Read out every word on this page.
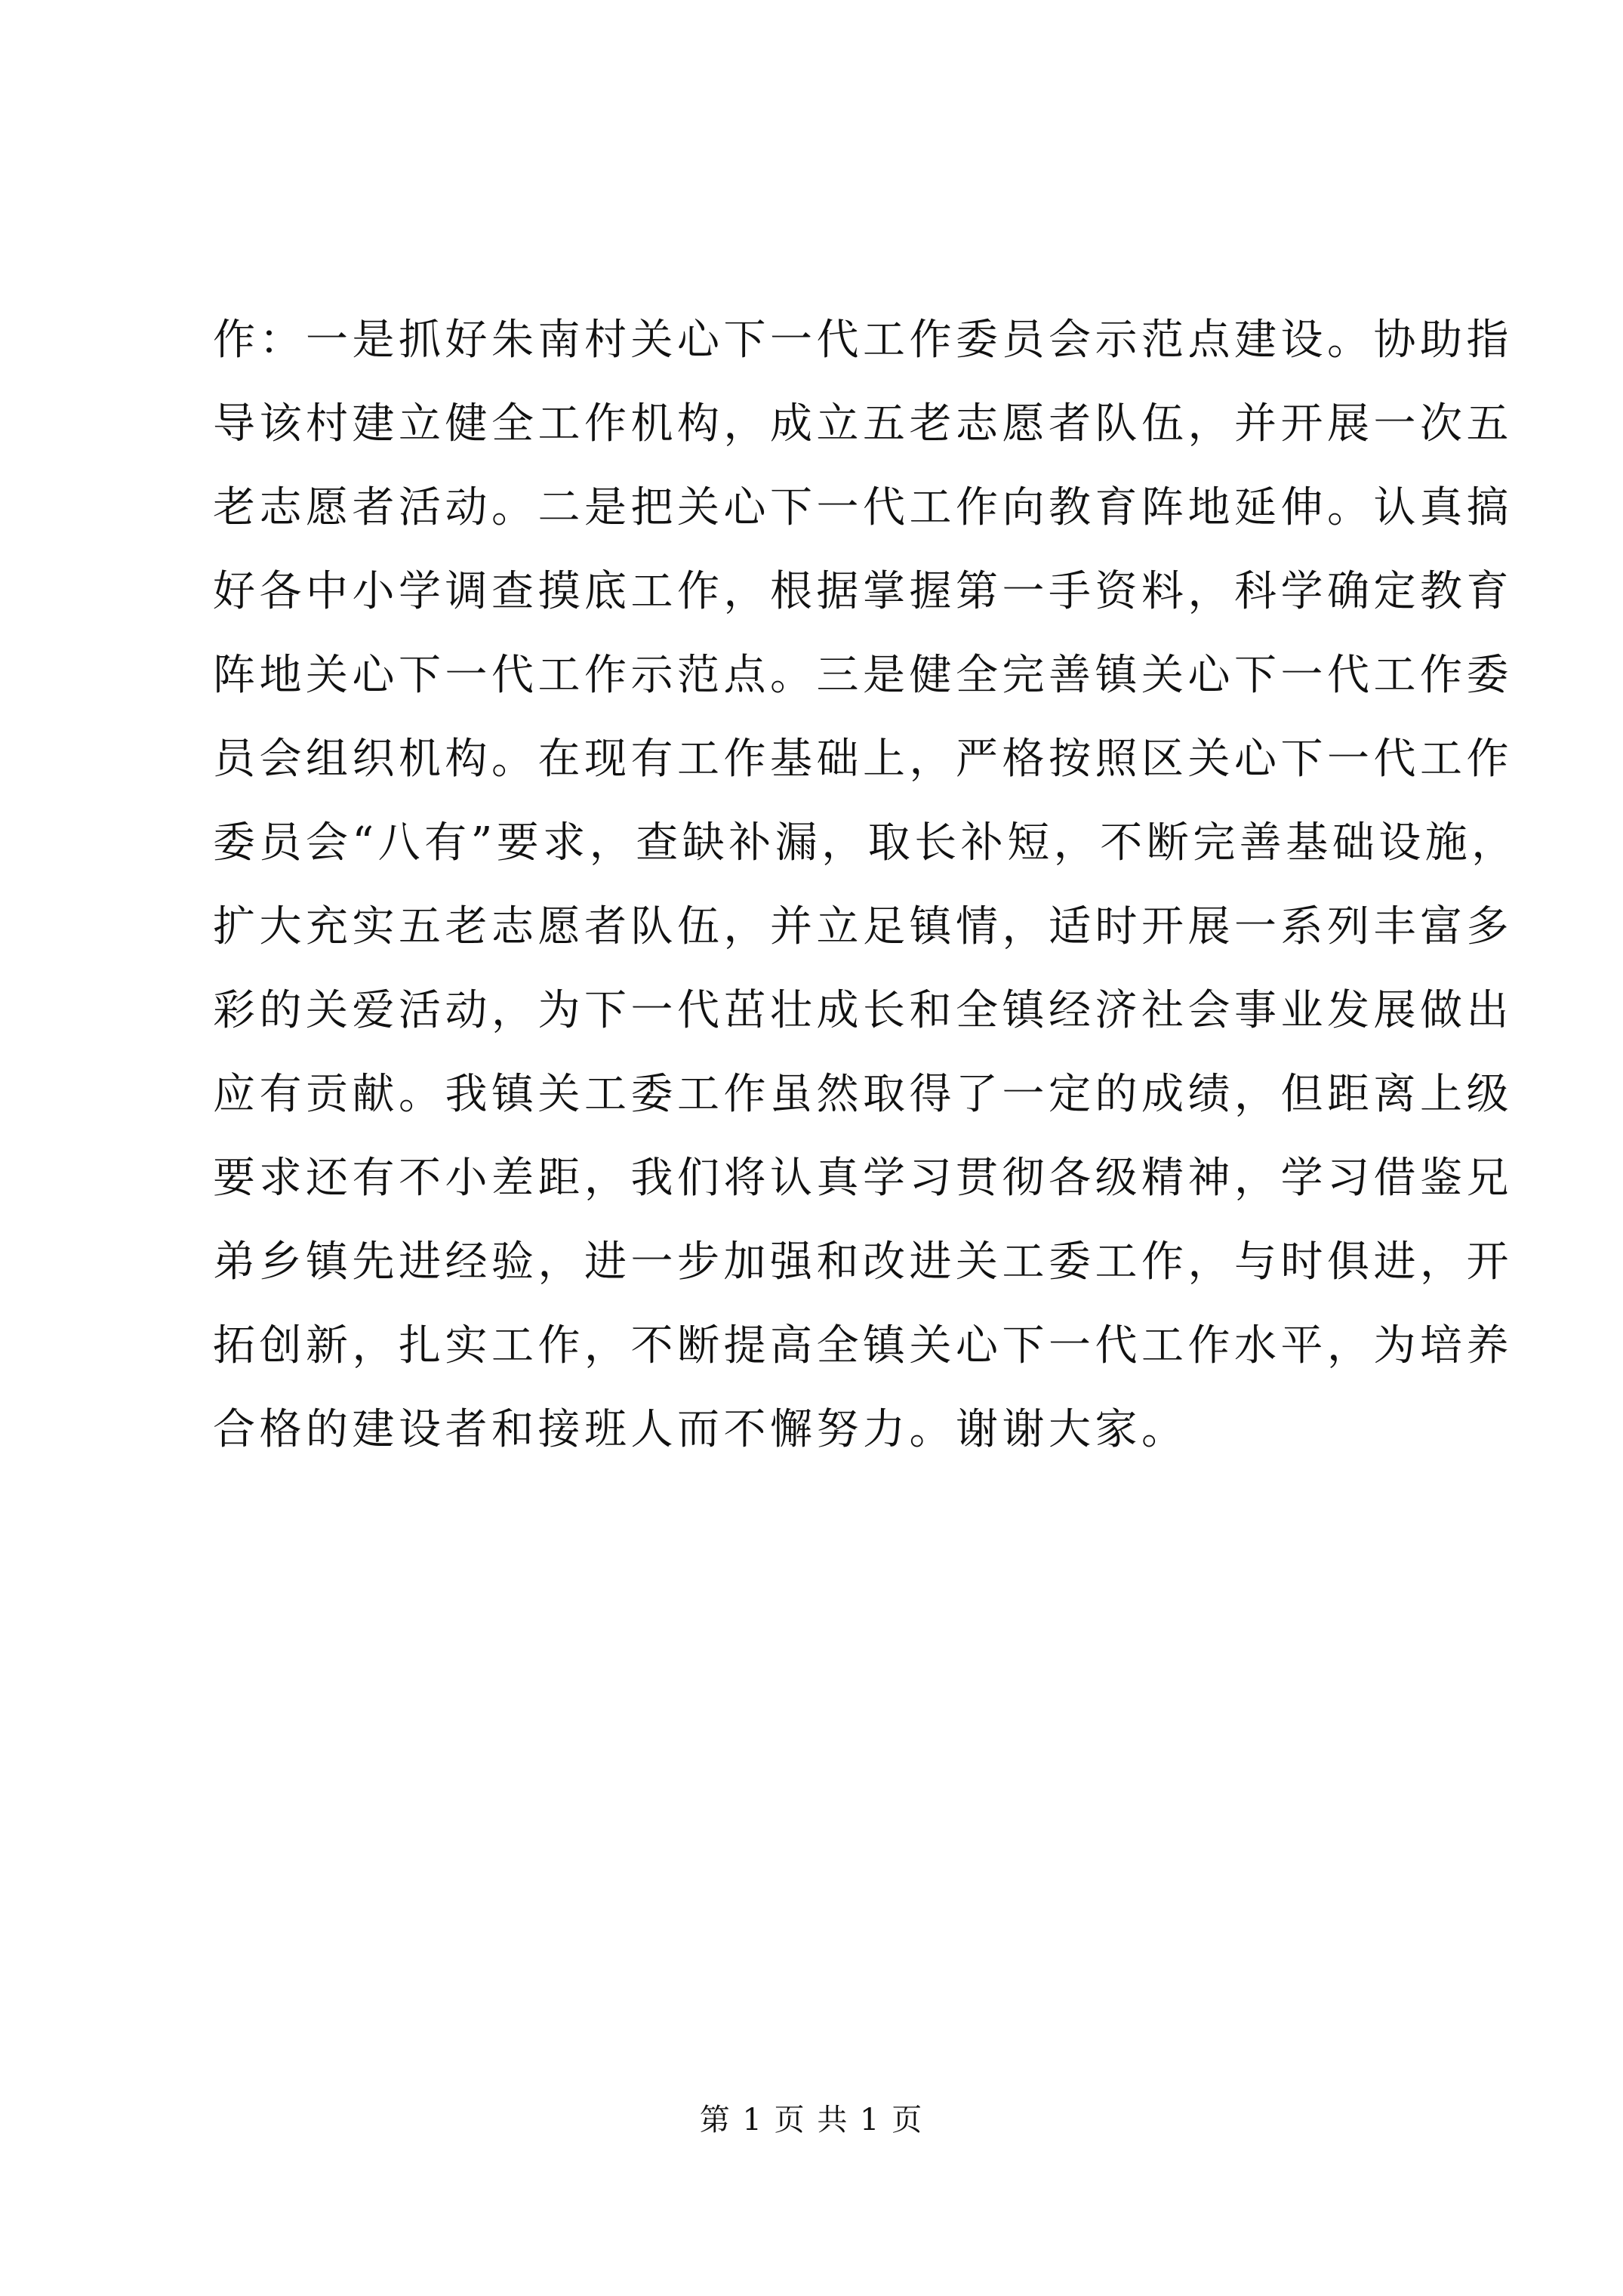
作：一是抓好朱南村关心下一代工作委员会示范点建设。协助指
导该村建立健全工作机构，成立五老志愿者队伍，并开展一次五
老志愿者活动。二是把关心下一代工作向教育阵地延伸。认真搞
好各中小学调查摸底工作，根据掌握第一手资料，科学确定教育
阵地关心下一代工作示范点。三是健全完善镇关心下一代工作委
员会组织机构。在现有工作基础上，严格按照区关心下一代工作
委员会“八有”要求，查缺补漏，取长补短，不断完善基础设施，
扩大充实五老志愿者队伍，并立足镇情，适时开展一系列丰富多
彩的关爱活动，为下一代茁壮成长和全镇经济社会事业发展做出
应有贡献。我镇关工委工作虽然取得了一定的成绩，但距离上级
要求还有不小差距，我们将认真学习贯彻各级精神，学习借鉴兄
弟乡镇先进经验，进一步加强和改进关工委工作，与时俱进，开
拓创新，扎实工作，不断提高全镇关心下一代工作水平，为培养
合格的建设者和接班人而不懈努力。谢谢大家。
第 1 页 共 1 页
